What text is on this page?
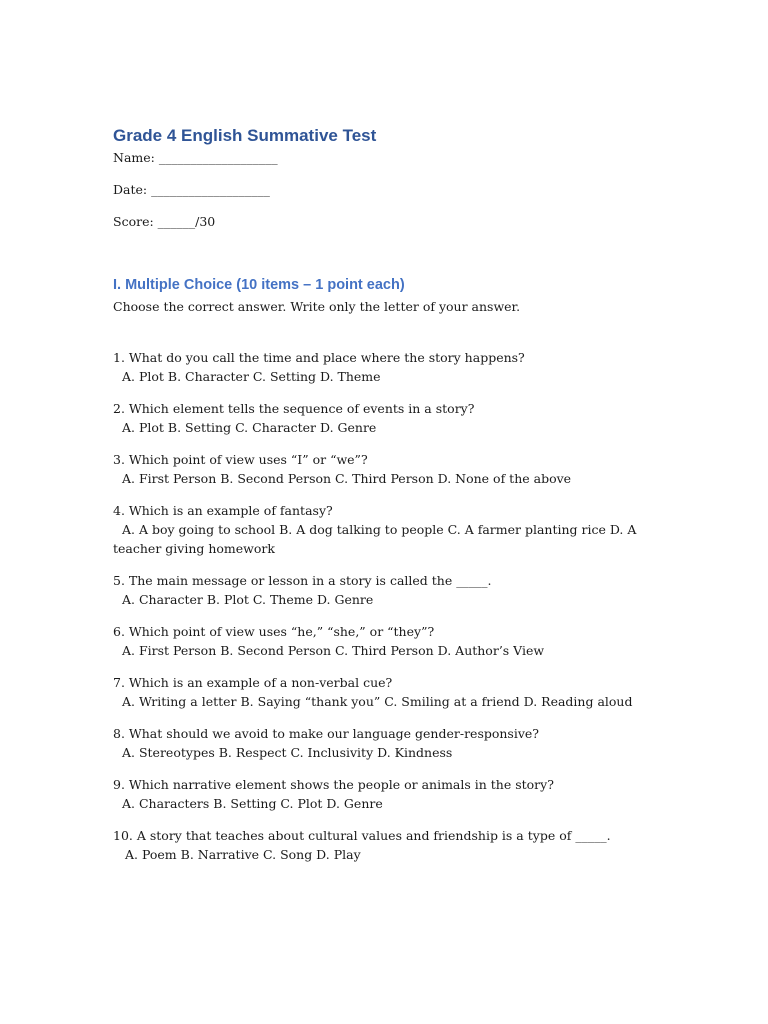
Grade 4 English Summative Test

Name: ___________________

Date: ___________________

Score: ______/30

I. Multiple Choice (10 items – 1 point each)

Choose the correct answer. Write only the letter of your answer.

1. What do you call the time and place where the story happens?
A. Plot B. Character C. Setting D. Theme
2. Which element tells the sequence of events in a story?
A. Plot B. Setting C. Character D. Genre
3. Which point of view uses “I” or “we”?
A. First Person B. Second Person C. Third Person D. None of the above
4. Which is an example of fantasy?
A. A boy going to school B. A dog talking to people C. A farmer planting rice D. A teacher giving homework
5. The main message or lesson in a story is called the _____.
A. Character B. Plot C. Theme D. Genre
6. Which point of view uses “he,” “she,” or “they”?
A. First Person B. Second Person C. Third Person D. Author’s View
7. Which is an example of a non-verbal cue?
A. Writing a letter B. Saying “thank you” C. Smiling at a friend D. Reading aloud
8. What should we avoid to make our language gender-responsive?
A. Stereotypes B. Respect C. Inclusivity D. Kindness
9. Which narrative element shows the people or animals in the story?
A. Characters B. Setting C. Plot D. Genre
10. A story that teaches about cultural values and friendship is a type of _____.
A. Poem B. Narrative C. Song D. Play
